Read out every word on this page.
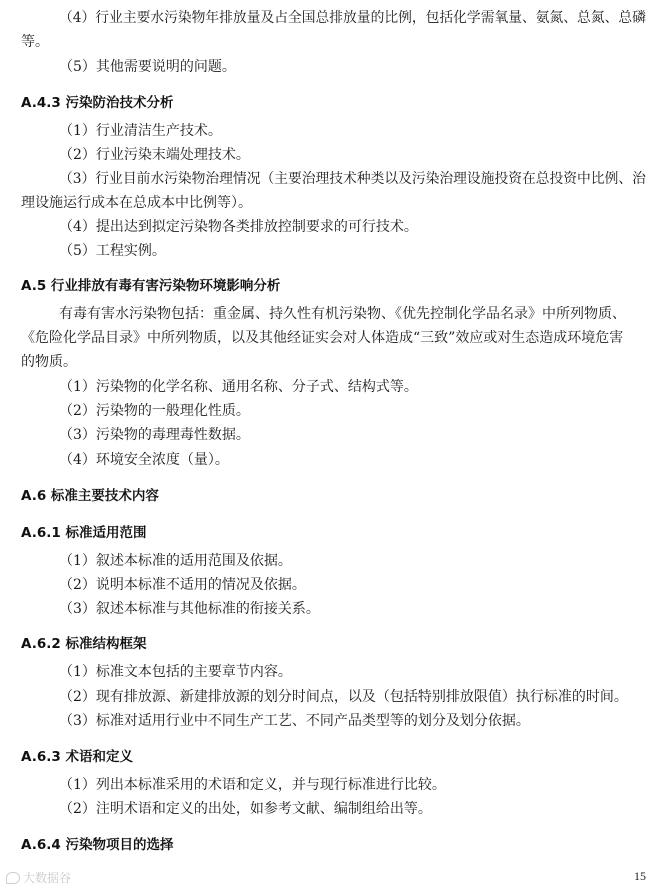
（4）行业主要水污染物年排放量及占全国总排放量的比例，包括化学需氧量、氨氮、总氮、总磷
等。
（5）其他需要说明的问题。
A.4.3 污染防治技术分析
（1）行业清洁生产技术。
（2）行业污染末端处理技术。
（3）行业目前水污染物治理情况（主要治理技术种类以及污染治理设施投资在总投资中比例、治
理设施运行成本在总成本中比例等）。
（4）提出达到拟定污染物各类排放控制要求的可行技术。
（5）工程实例。
A.5 行业排放有毒有害污染物环境影响分析
有毒有害水污染物包括：重金属、持久性有机污染物、《优先控制化学品名录》中所列物质、
《危险化学品目录》中所列物质，以及其他经证实会对人体造成“三致”效应或对生态造成环境危害
的物质。
（1）污染物的化学名称、通用名称、分子式、结构式等。
（2）污染物的一般理化性质。
（3）污染物的毒理毒性数据。
（4）环境安全浓度（量）。
A.6 标准主要技术内容
A.6.1 标准适用范围
（1）叙述本标准的适用范围及依据。
（2）说明本标准不适用的情况及依据。
（3）叙述本标准与其他标准的衔接关系。
A.6.2 标准结构框架
（1）标准文本包括的主要章节内容。
（2）现有排放源、新建排放源的划分时间点，以及（包括特别排放限值）执行标准的时间。
（3）标准对适用行业中不同生产工艺、不同产品类型等的划分及划分依据。
A.6.3 术语和定义
（1）列出本标准采用的术语和定义，并与现行标准进行比较。
（2）注明术语和定义的出处，如参考文献、编制组给出等。
A.6.4 污染物项目的选择
大数据谷	15
